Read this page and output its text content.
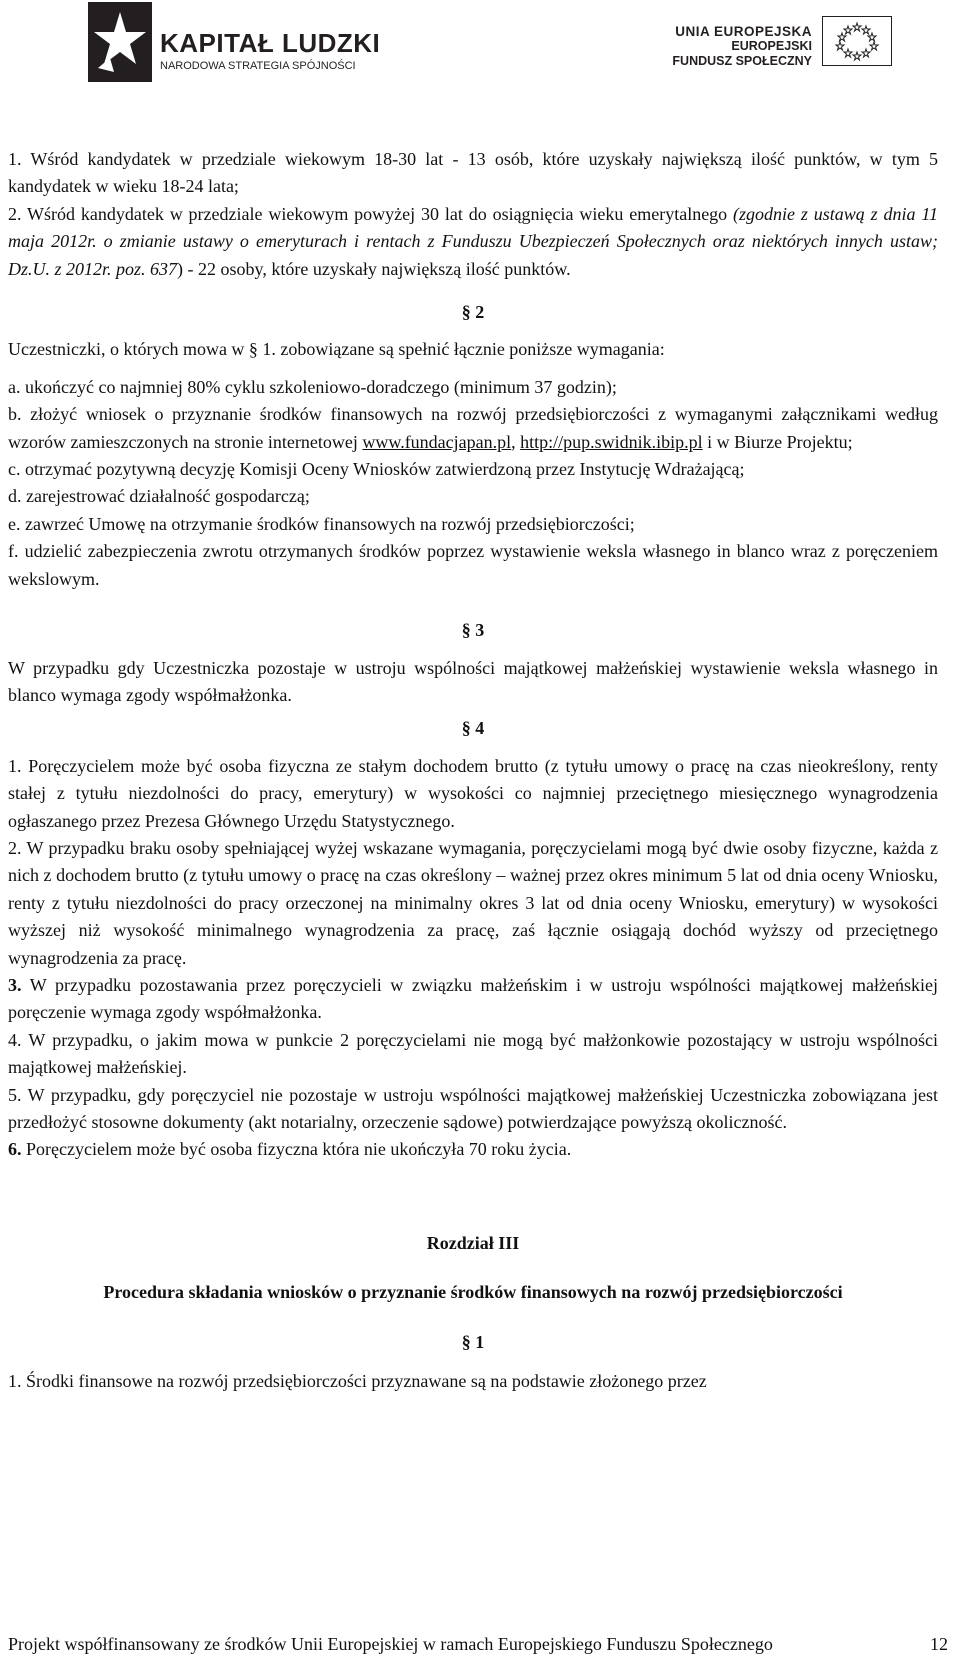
KAPITAŁ LUDZKI
NARODOWA STRATEGIA SPÓJNOŚCI
UNIA EUROPEJSKA
EUROPEJSKI
FUNDUSZ SPOŁECZNY

1. Wśród kandydatek w przedziale wiekowym 18-30 lat - 13 osób, które uzyskały największą ilość punktów, w tym 5 kandydatek w wieku 18-24 lata;

2. Wśród kandydatek w przedziale wiekowym powyżej 30 lat do osiągnięcia wieku emerytalnego (zgodnie z ustawą z dnia 11 maja 2012r. o zmianie ustawy o emeryturach i rentach z Funduszu Ubezpieczeń Społecznych oraz niektórych innych ustaw; Dz.U. z 2012r. poz. 637) - 22 osoby, które uzyskały największą ilość punktów.

§ 2

Uczestniczki, o których mowa w § 1. zobowiązane są spełnić łącznie poniższe wymagania:

a. ukończyć co najmniej 80% cyklu szkoleniowo-doradczego (minimum 37 godzin);

b. złożyć wniosek o przyznanie środków finansowych na rozwój przedsiębiorczości z wymaganymi załącznikami według wzorów zamieszczonych na stronie internetowej www.fundacjapan.pl, http://pup.swidnik.ibip.pl i w Biurze Projektu;

c. otrzymać pozytywną decyzję Komisji Oceny Wniosków zatwierdzoną przez Instytucję Wdrażającą;

d. zarejestrować działalność gospodarczą;

e. zawrzeć Umowę na otrzymanie środków finansowych na rozwój przedsiębiorczości;

f. udzielić zabezpieczenia zwrotu otrzymanych środków poprzez wystawienie weksla własnego in blanco wraz z poręczeniem wekslowym.

§ 3

W przypadku gdy Uczestniczka pozostaje w ustroju wspólności majątkowej małżeńskiej wystawienie weksla własnego in blanco wymaga zgody współmałżonka.

§ 4

1. Poręczycielem może być osoba fizyczna ze stałym dochodem brutto (z tytułu umowy o pracę na czas nieokreślony, renty stałej z tytułu niezdolności do pracy, emerytury) w wysokości co najmniej przeciętnego miesięcznego wynagrodzenia ogłaszanego przez Prezesa Głównego Urzędu Statystycznego.

2. W przypadku braku osoby spełniającej wyżej wskazane wymagania, poręczycielami mogą być dwie osoby fizyczne, każda z nich z dochodem brutto (z tytułu umowy o pracę na czas określony – ważnej przez okres minimum 5 lat od dnia oceny Wniosku, renty z tytułu niezdolności do pracy orzeczonej na minimalny okres 3 lat od dnia oceny Wniosku, emerytury) w wysokości wyższej niż wysokość minimalnego wynagrodzenia za pracę, zaś łącznie osiągają dochód wyższy od przeciętnego wynagrodzenia za pracę.

3. W przypadku pozostawania przez poręczycieli w związku małżeńskim i w ustroju wspólności majątkowej małżeńskiej poręczenie wymaga zgody współmałżonka.

4. W przypadku, o jakim mowa w punkcie 2 poręczycielami nie mogą być małżonkowie pozostający w ustroju wspólności majątkowej małżeńskiej.

5. W przypadku, gdy poręczyciel nie pozostaje w ustroju wspólności majątkowej małżeńskiej Uczestniczka zobowiązana jest przedłożyć stosowne dokumenty (akt notarialny, orzeczenie sądowe) potwierdzające powyższą okoliczność.

6. Poręczycielem może być osoba fizyczna która nie ukończyła 70 roku życia.

Rozdział III

Procedura składania wniosków o przyznanie środków finansowych na rozwój przedsiębiorczości

§ 1

1. Środki finansowe na rozwój przedsiębiorczości przyznawane są na podstawie złożonego przez

Projekt współfinansowany ze środków Unii Europejskiej w ramach Europejskiego Funduszu Społecznego	12
